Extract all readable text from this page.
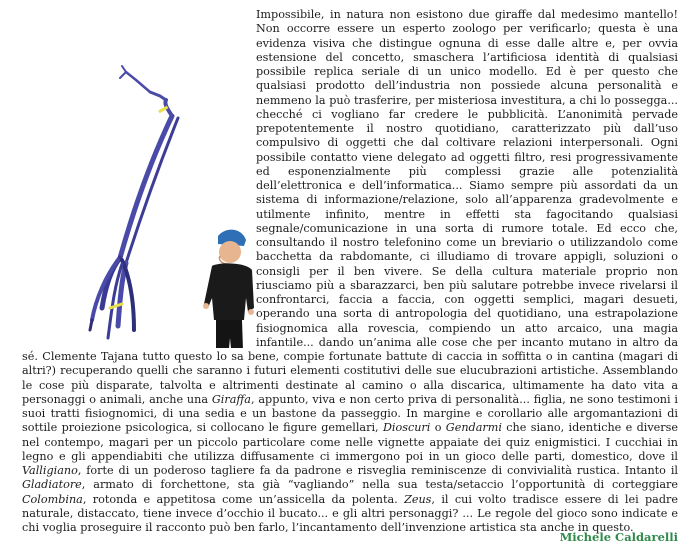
Impossibile, in natura non esistono due giraffe dal medesimo mantello! Non occorre essere un esperto zoologo per verificarlo; questa è una evidenza visiva che distingue ognuna di esse dalle altre e, per ovvia estensione del concetto, smaschera l’artificiosa identità di qualsiasi possibile replica seriale di un unico modello. Ed è per questo che qualsiasi prodotto dell’industria non possiede alcuna personalità e nemmeno la può trasferire, per misteriosa investitura, a chi lo possegga... checché ci vogliano far credere le pubblicità. L’anonimità pervade prepotentemente il nostro quotidiano, caratterizzato più dall’uso compulsivo di oggetti che dal coltivare relazioni interpersonali. Ogni possibile contatto viene delegato ad oggetti filtro, resi progressivamente ed esponenzialmente più complessi grazie alle potenzialità dell’elettronica e dell’informatica... Siamo sempre più assordati da un sistema di informazione/relazione, solo all’apparenza gradevolmente e utilmente infinito, mentre in effetti sta fagocitando qualsiasi segnale/comunicazione in una sorta di rumore totale. Ed ecco che, consultando il nostro telefonino come un breviario o utilizzandolo come bacchetta da rabdomante, ci illudiamo di trovare appigli, soluzioni o consigli per il ben vivere. Se della cultura materiale proprio non riusciamo più a sbarazzarci, ben più salutare potrebbe invece rivelarsi il confrontarci, faccia a faccia, con oggetti semplici, magari desueti, operando una sorta di antropologia del quotidiano, una estrapolazione fisiognomica alla rovescia, compiendo un atto arcaico, una magia infantile... dando un’anima alle cose che per incanto mutano in altro da sé. Clemente Tajana tutto questo lo sa bene, compie fortunate battute di caccia in soffitta o in cantina (magari di altri?) recuperando quelli che saranno i futuri elementi costitutivi delle sue elucubrazioni artistiche. Assemblando le cose più disparate, talvolta e altrimenti destinate al camino o alla discarica, ultimamente ha dato vita a personaggi o animali, anche una Giraffa, appunto, viva e non certo priva di personalità... figlia, ne sono testimoni i suoi tratti fisiognomici, di una sedia e un bastone da passeggio. In margine e corollario alle argomantazioni di sottile proiezione psicologica, si collocano le figure gemellari, Dioscuri o Gendarmi che siano, identiche e diverse nel contempo, magari per un piccolo particolare come nelle vignette appaiate dei quiz enigmistici. I cucchiai in legno e gli appendiabiti che utilizza diffusamente ci immergono poi in un gioco delle parti, domestico, dove il Valligiano, forte di un poderoso tagliere fa da padrone e risveglia reminiscenze di convivialità rustica. Intanto il Gladiatore, armato di forchettone, sta già “vagliando” nella sua testa/setaccio l’opportunità di corteggiare Colombina, rotonda e appetitosa come un’assicella da polenta. Zeus, il cui volto tradisce essere di lei padre naturale, distaccato, tiene invece d’occhio il bucato... e gli altri personaggi? ... Le regole del gioco sono indicate e chi voglia proseguire il racconto può ben farlo, l’incantamento dell’invenzione artistica sta anche in questo.

Michele Caldarelli
